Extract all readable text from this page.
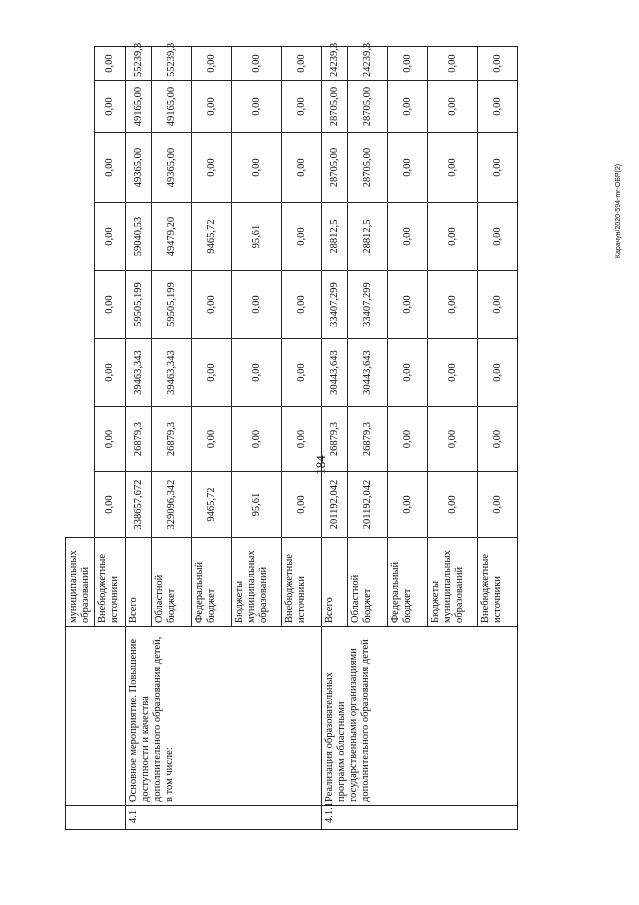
184
Карачун/2020-594-mr-ОБР(2)
		муниципальных образований								
		Внебюджетные источники	0,00	0,00	0,00	0,00	0,00	0,00	0,00	0,00
4.1	Основное мероприятие. Повышение доступности и качества дополнительного образования детей, в том числе:	Всего	338657,672	26879,3	39463,343	59505,199	59040,53	49365,00	49165,00	55239,3
		Областной бюджет	329096,342	26879,3	39463,343	59505,199	49479,20	49365,00	49165,00	55239,3
		Федеральный бюджет	9465,72	0,00	0,00	0,00	9465,72	0,00	0,00	0,00
		Бюджеты муниципальных образований	95,61	0,00	0,00	0,00	95,61	0,00	0,00	0,00
		Внебюджетные источники	0,00	0,00	0,00	0,00	0,00	0,00	0,00	0,00
4.1.1	Реализация образовательных программ областными государственными организациями дополнительного образования детей	Всего	201192,042	26879,3	30443,643	33407,299	28812,5	28705,00	28705,00	24239,3
		Областной бюджет	201192,042	26879,3	30443,643	33407,299	28812,5	28705,00	28705,00	24239,3
		Федеральный бюджет	0,00	0,00	0,00	0,00	0,00	0,00	0,00	0,00
		Бюджеты муниципальных образований	0,00	0,00	0,00	0,00	0,00	0,00	0,00	0,00
		Внебюджетные источники	0,00	0,00	0,00	0,00	0,00	0,00	0,00	0,00
